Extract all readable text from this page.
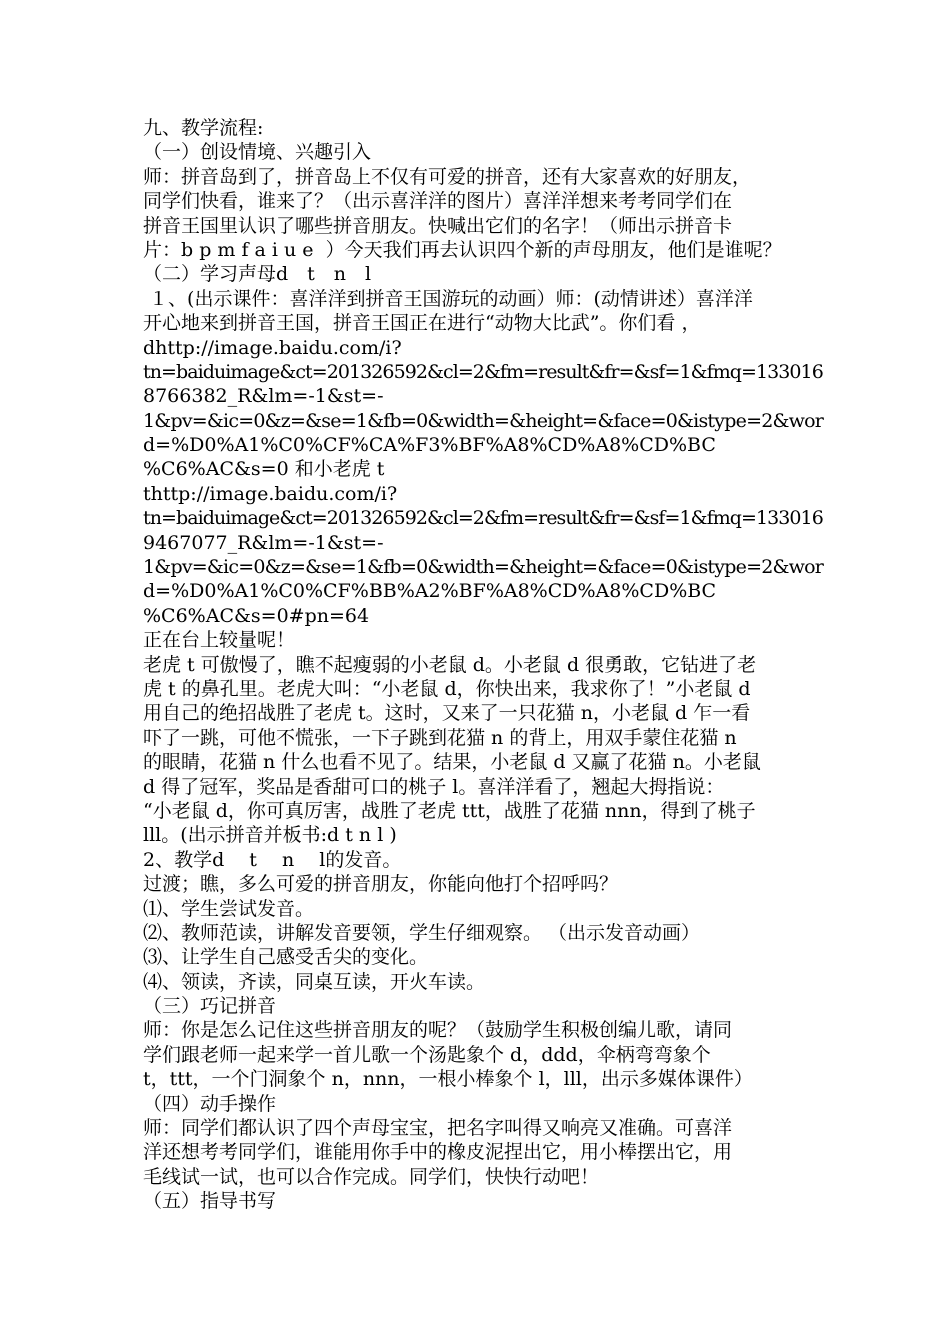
九、教学流程:
（一）创设情境、兴趣引入
师：拼音岛到了，拼音岛上不仅有可爱的拼音，还有大家喜欢的好朋友，
同学们快看，谁来了？（出示喜洋洋的图片）喜洋洋想来考考同学们在
拼音王国里认识了哪些拼音朋友。快喊出它们的名字！（师出示拼音卡
片：b p m f a i u e  ）今天我们再去认识四个新的声母朋友，他们是谁呢？
（二）学习声母d　t　n　l
１、(出示课件：喜洋洋到拼音王国游玩的动画）师：(动情讲述）喜洋洋
开心地来到拼音王国，拼音王国正在进行“动物大比武”。你们看 ，
dhttp://image.baidu.com/i?
tn=baiduimage&ct=201326592&cl=2&fm=result&fr=&sf=1&fmq=133016
8766382_R&lm=-1&st=-
1&pv=&ic=0&z=&se=1&fb=0&width=&height=&face=0&istype=2&wor
d=%D0%A1%C0%CF%CA%F3%BF%A8%CD%A8%CD%BC
%C6%AC&s=0 和小老虎 t
thttp://image.baidu.com/i?
tn=baiduimage&ct=201326592&cl=2&fm=result&fr=&sf=1&fmq=133016
9467077_R&lm=-1&st=-
1&pv=&ic=0&z=&se=1&fb=0&width=&height=&face=0&istype=2&wor
d=%D0%A1%C0%CF%BB%A2%BF%A8%CD%A8%CD%BC
%C6%AC&s=0#pn=64
正在台上较量呢！
老虎 t 可傲慢了，瞧不起瘦弱的小老鼠 d。小老鼠 d 很勇敢，它钻进了老
虎 t 的鼻孔里。老虎大叫：“小老鼠 d，你快出来，我求你了！”小老鼠 d
用自己的绝招战胜了老虎 t。这时，又来了一只花猫 n，小老鼠 d 乍一看
吓了一跳，可他不慌张，一下子跳到花猫 n 的背上，用双手蒙住花猫 n
的眼睛，花猫 n 什么也看不见了。结果，小老鼠 d 又赢了花猫 n。小老鼠
d 得了冠军，奖品是香甜可口的桃子 l。喜洋洋看了，翘起大拇指说：
“小老鼠 d，你可真厉害，战胜了老虎 ttt，战胜了花猫 nnn，得到了桃子
lll。(出示拼音并板书:d t n l )
2、教学d　 t　 n　 l的发音。
过渡；瞧，多么可爱的拼音朋友，你能向他打个招呼吗？
⑴、学生尝试发音。
⑵、教师范读，讲解发音要领，学生仔细观察。 （出示发音动画）
⑶、让学生自己感受舌尖的变化。
⑷、领读，齐读，同桌互读，开火车读。
（三）巧记拼音
师：你是怎么记住这些拼音朋友的呢？（鼓励学生积极创编儿歌，请同
学们跟老师一起来学一首儿歌一个汤匙象个 d，ddd，伞柄弯弯象个
t，ttt，一个门洞象个 n，nnn，一根小棒象个 l，lll，出示多媒体课件）
（四）动手操作
师：同学们都认识了四个声母宝宝，把名字叫得又响亮又准确。可喜洋
洋还想考考同学们，谁能用你手中的橡皮泥捏出它，用小棒摆出它，用
毛线试一试，也可以合作完成。同学们，快快行动吧！
（五）指导书写
